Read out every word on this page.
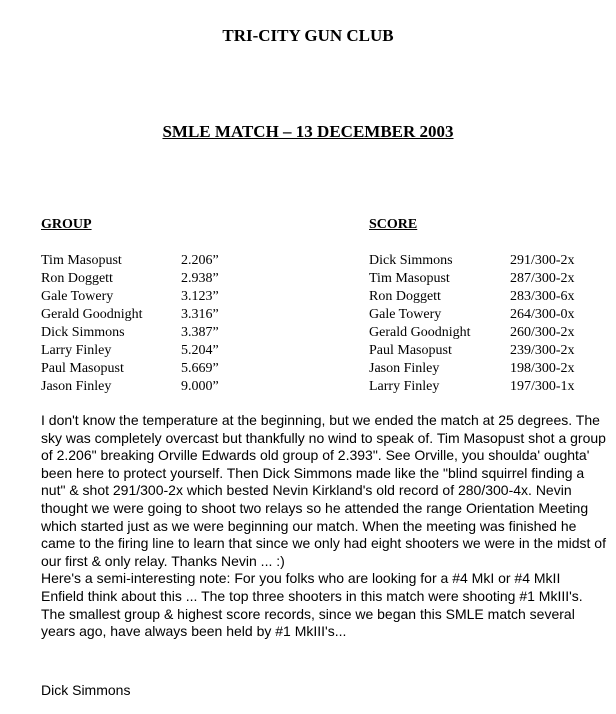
TRI-CITY GUN CLUB
SMLE MATCH – 13 DECEMBER 2003
GROUP
Tim Masopust	2.206”
Ron Doggett	2.938”
Gale Towery	3.123”
Gerald Goodnight	3.316”
Dick Simmons	3.387”
Larry Finley	5.204”
Paul Masopust	5.669”
Jason Finley	9.000”
SCORE
Dick Simmons	291/300-2x
Tim Masopust	287/300-2x
Ron Doggett	283/300-6x
Gale Towery	264/300-0x
Gerald Goodnight	260/300-2x
Paul Masopust	239/300-2x
Jason Finley	198/300-2x
Larry Finley	197/300-1x

I don't know the temperature at the beginning, but we ended the match at 25 degrees. The sky was completely overcast but thankfully no wind to speak of. Tim Masopust shot a group of 2.206" breaking Orville Edwards old group of 2.393". See Orville, you shoulda' oughta' been here to protect yourself. Then Dick Simmons made like the "blind squirrel finding a nut" & shot 291/300-2x which bested Nevin Kirkland's old record of 280/300-4x. Nevin thought we were going to shoot two relays so he attended the range Orientation Meeting which started just as we were beginning our match. When the meeting was finished he came to the firing line to learn that since we only had eight shooters we were in the midst of our first & only relay. Thanks Nevin ... :)

Here's a semi-interesting note: For you folks who are looking for a #4 MkI or #4 MkII Enfield think about this ... The top three shooters in this match were shooting #1 MkIII's. The smallest group & highest score records, since we began this SMLE match several years ago, have always been held by #1 MkIII's...

Dick Simmons
